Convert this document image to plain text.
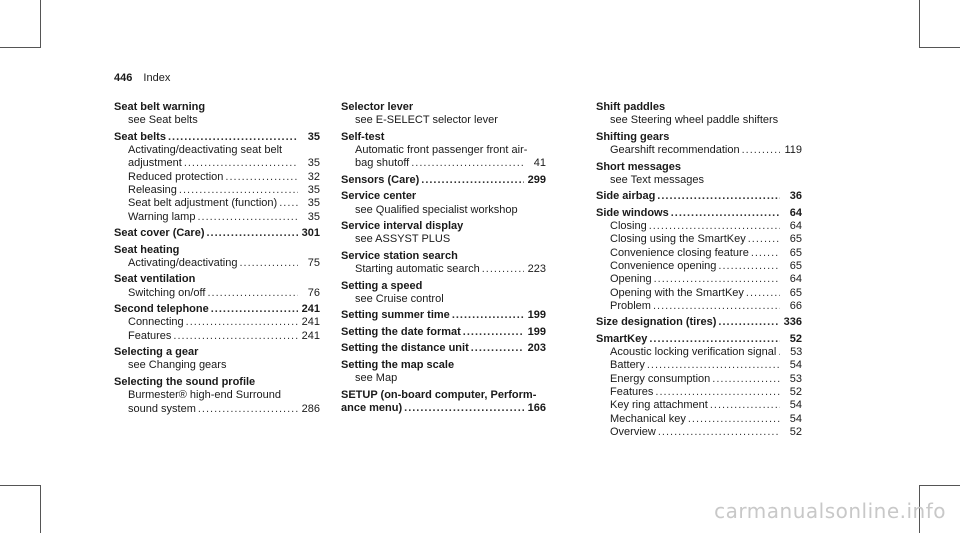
446 Index
Seat belt warning
see Seat belts
Seat belts .....	35
Activating/deactivating seat belt
adjustment .....	35
Reduced protection .....	32
Releasing .....	35
Seat belt adjustment (function) .....	35
Warning lamp .....	35
Seat cover (Care) .....	301
Seat heating
Activating/deactivating .....	75
Seat ventilation
Switching on/off .....	76
Second telephone .....	241
Connecting .....	241
Features .....	241
Selecting a gear
see Changing gears
Selecting the sound profile
Burmester® high-end Surround
sound system .....	286
Selector lever
see E-SELECT selector lever
Self-test
Automatic front passenger front air-
bag shutoff .....	41
Sensors (Care) .....	299
Service center
see Qualified specialist workshop
Service interval display
see ASSYST PLUS
Service station search
Starting automatic search .....	223
Setting a speed
see Cruise control
Setting summer time .....	199
Setting the date format .....	199
Setting the distance unit .....	203
Setting the map scale
see Map
SETUP (on-board computer, Perform-
ance menu) .....	166
Shift paddles
see Steering wheel paddle shifters
Shifting gears
Gearshift recommendation .....	119
Short messages
see Text messages
Side airbag .....	36
Side windows .....	64
Closing .....	64
Closing using the SmartKey .....	65
Convenience closing feature .....	65
Convenience opening .....	65
Opening .....	64
Opening with the SmartKey .....	65
Problem .....	66
Size designation (tires) .....	336
SmartKey .....	52
Acoustic locking verification signal .....	53
Battery .....	54
Energy consumption .....	53
Features .....	52
Key ring attachment .....	54
Mechanical key .....	54
Overview .....	52
carmanualsonline.info
